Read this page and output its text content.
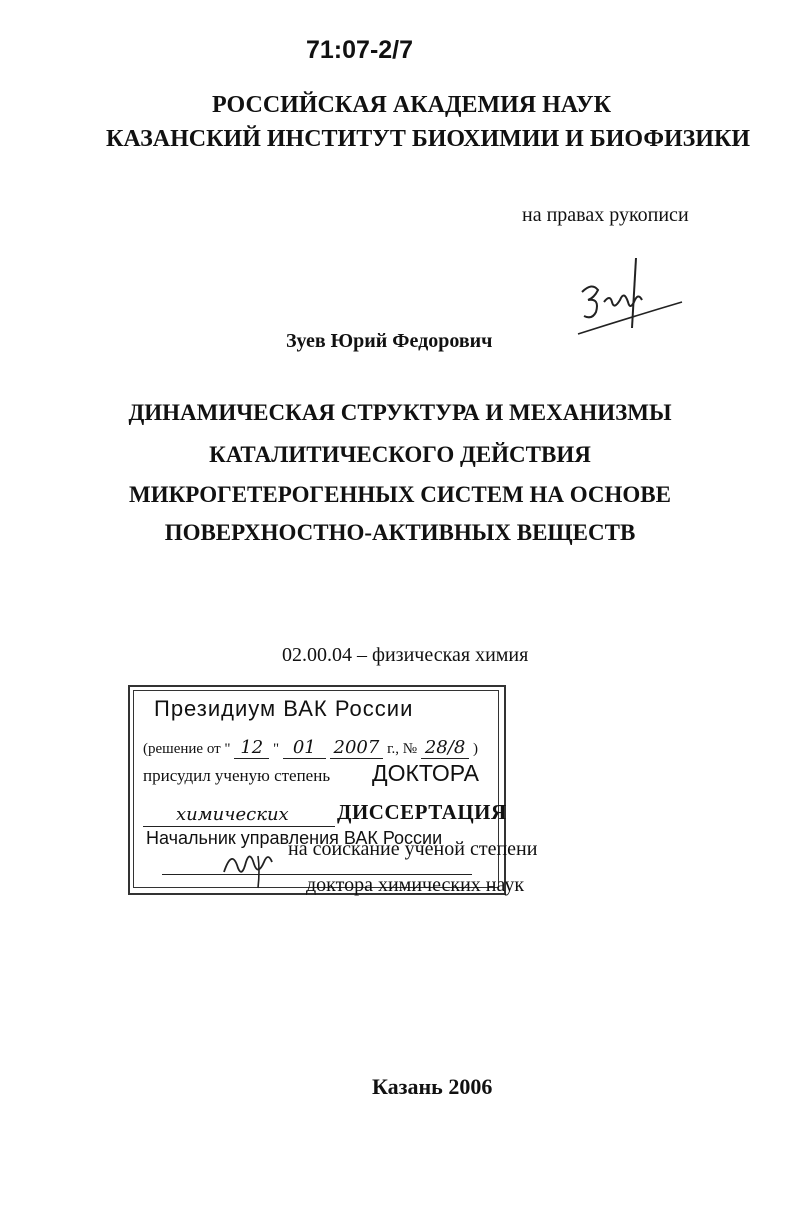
71:07-2/7
РОССИЙСКАЯ АКАДЕМИЯ НАУК
КАЗАНСКИЙ ИНСТИТУТ БИОХИМИИ И БИОФИЗИКИ
на правах рукописи
Зуев Юрий Федорович
ДИНАМИЧЕСКАЯ СТРУКТУРА И МЕХАНИЗМЫ
КАТАЛИТИЧЕСКОГО ДЕЙСТВИЯ
МИКРОГЕТЕРОГЕННЫХ СИСТЕМ НА ОСНОВЕ
ПОВЕРХНОСТНО-АКТИВНЫХ ВЕЩЕСТВ
02.00.04 – физическая химия
Президиум ВАК России
(решение от " 12 " 01 2007 г., № 28/8 )
присудил ученую степень ДОКТОРА
химических ДИССЕРТАЦИЯ
Начальник управления ВАК России
на соискание ученой степени
доктора химических наук
Казань 2006
